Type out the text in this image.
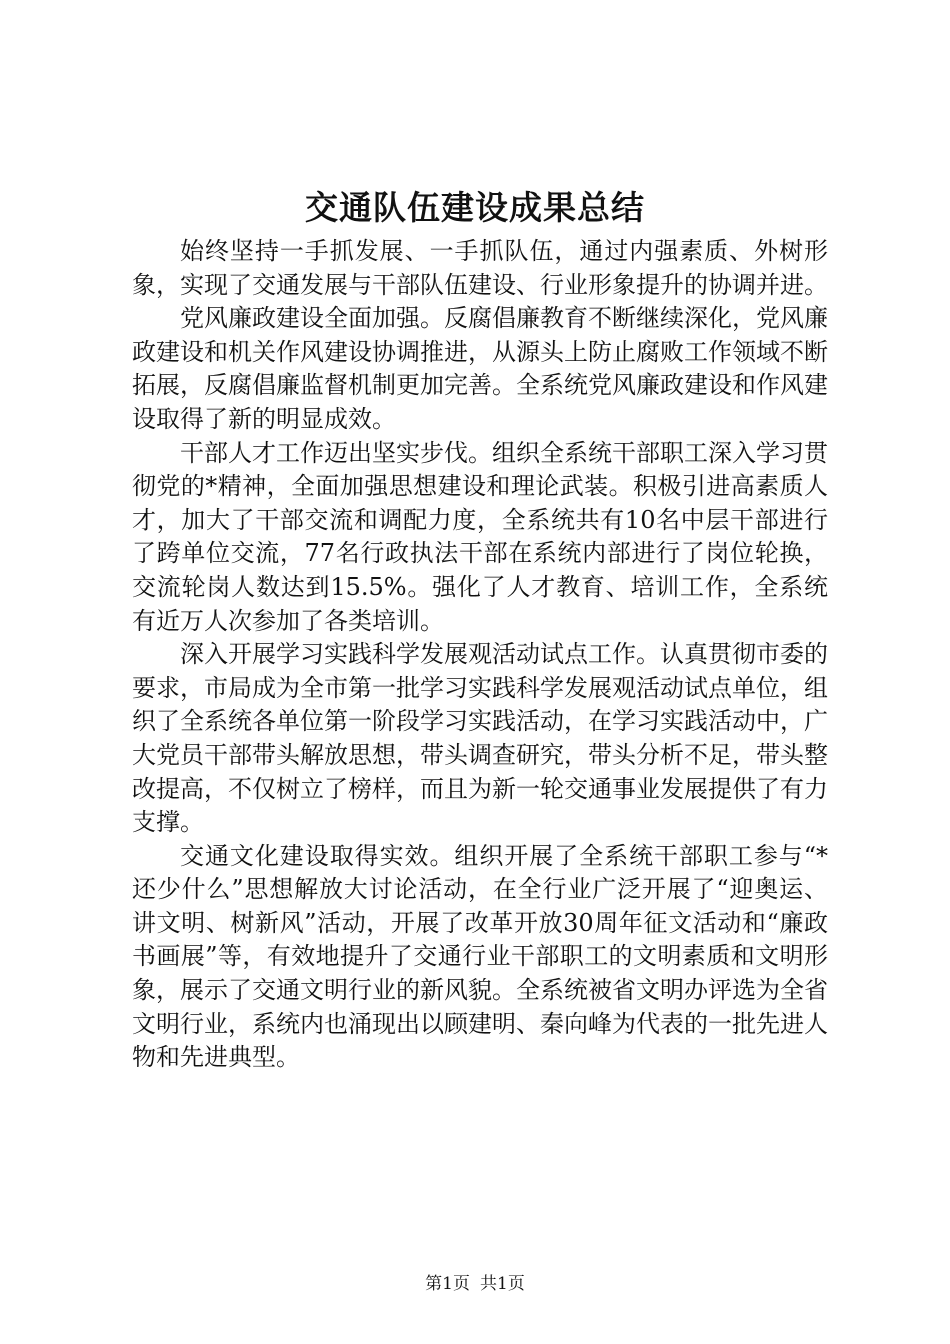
交通队伍建设成果总结

始终坚持一手抓发展、一手抓队伍，通过内强素质、外树形象，实现了交通发展与干部队伍建设、行业形象提升的协调并进。

党风廉政建设全面加强。反腐倡廉教育不断继续深化，党风廉政建设和机关作风建设协调推进，从源头上防止腐败工作领域不断拓展，反腐倡廉监督机制更加完善。全系统党风廉政建设和作风建设取得了新的明显成效。

干部人才工作迈出坚实步伐。组织全系统干部职工深入学习贯彻党的*精神，全面加强思想建设和理论武装。积极引进高素质人才，加大了干部交流和调配力度，全系统共有10名中层干部进行了跨单位交流，77名行政执法干部在系统内部进行了岗位轮换，交流轮岗人数达到15.5%。强化了人才教育、培训工作，全系统有近万人次参加了各类培训。

深入开展学习实践科学发展观活动试点工作。认真贯彻市委的要求，市局成为全市第一批学习实践科学发展观活动试点单位，组织了全系统各单位第一阶段学习实践活动，在学习实践活动中，广大党员干部带头解放思想，带头调查研究，带头分析不足，带头整改提高，不仅树立了榜样，而且为新一轮交通事业发展提供了有力支撑。

交通文化建设取得实效。组织开展了全系统干部职工参与“*还少什么”思想解放大讨论活动，在全行业广泛开展了“迎奥运、讲文明、树新风”活动，开展了改革开放30周年征文活动和“廉政书画展”等，有效地提升了交通行业干部职工的文明素质和文明形象，展示了交通文明行业的新风貌。全系统被省文明办评选为全省文明行业，系统内也涌现出以顾建明、秦向峰为代表的一批先进人物和先进典型。

第1页 共1页
